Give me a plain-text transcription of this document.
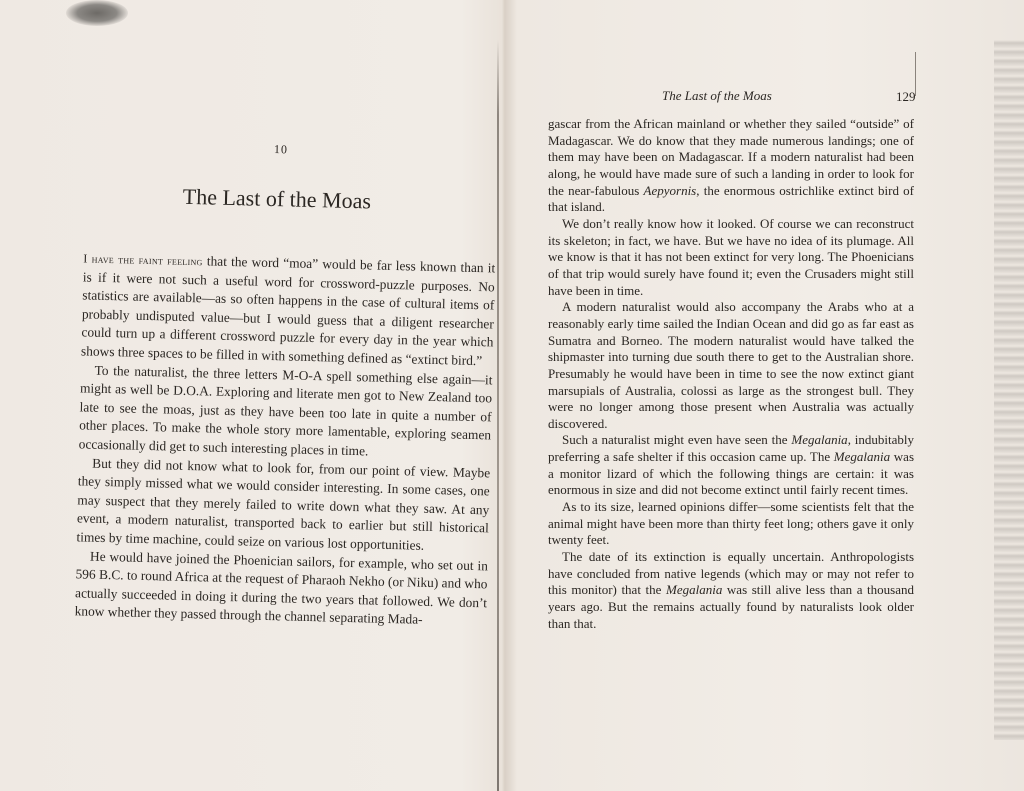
10
The Last of the Moas

I have the faint feeling that the word “moa” would be far less known than it is if it were not such a useful word for crossword-puzzle purposes. No statistics are available—as so often happens in the case of cultural items of probably undisputed value—but I would guess that a diligent researcher could turn up a different crossword puzzle for every day in the year which shows three spaces to be filled in with something defined as “extinct bird.”

To the naturalist, the three letters M-O-A spell something else again—it might as well be D.O.A. Exploring and literate men got to New Zealand too late to see the moas, just as they have been too late in quite a number of other places. To make the whole story more lamentable, exploring seamen occasionally did get to such interesting places in time.

But they did not know what to look for, from our point of view. Maybe they simply missed what we would consider interesting. In some cases, one may suspect that they merely failed to write down what they saw. At any event, a modern naturalist, transported back to earlier but still historical times by time machine, could seize on various lost opportunities.

He would have joined the Phoenician sailors, for example, who set out in 596 B.C. to round Africa at the request of Pharaoh Nekho (or Niku) and who actually succeeded in doing it during the two years that followed. We don’t know whether they passed through the channel separating Mada-

The Last of the Moas	129

gascar from the African mainland or whether they sailed “outside” of Madagascar. We do know that they made numerous landings; one of them may have been on Madagascar. If a modern naturalist had been along, he would have made sure of such a landing in order to look for the near-fabulous Aepyornis, the enormous ostrichlike extinct bird of that island.

We don’t really know how it looked. Of course we can reconstruct its skeleton; in fact, we have. But we have no idea of its plumage. All we know is that it has not been extinct for very long. The Phoenicians of that trip would surely have found it; even the Crusaders might still have been in time.

A modern naturalist would also accompany the Arabs who at a reasonably early time sailed the Indian Ocean and did go as far east as Sumatra and Borneo. The modern naturalist would have talked the shipmaster into turning due south there to get to the Australian shore. Presumably he would have been in time to see the now extinct giant marsupials of Australia, colossi as large as the strongest bull. They were no longer among those present when Australia was actually discovered.

Such a naturalist might even have seen the Megalania, indubitably preferring a safe shelter if this occasion came up. The Megalania was a monitor lizard of which the following things are certain: it was enormous in size and did not become extinct until fairly recent times.

As to its size, learned opinions differ—some scientists felt that the animal might have been more than thirty feet long; others gave it only twenty feet.

The date of its extinction is equally uncertain. Anthropologists have concluded from native legends (which may or may not refer to this monitor) that the Megalania was still alive less than a thousand years ago. But the remains actually found by naturalists look older than that.
